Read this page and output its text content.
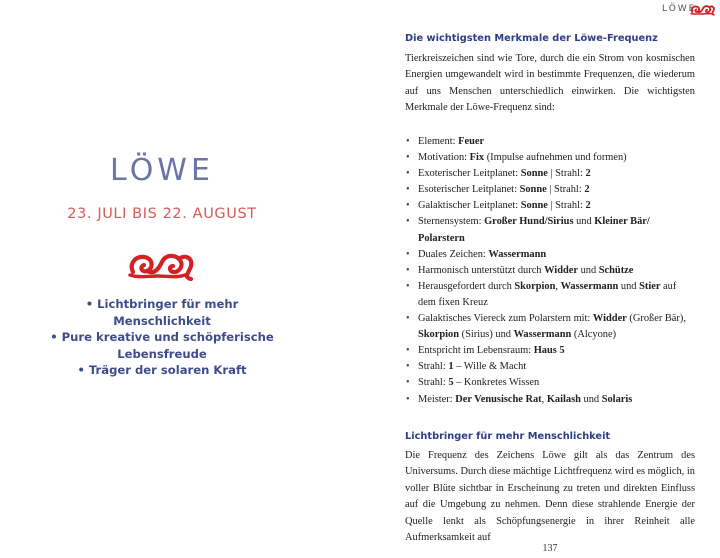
LÖWE
23. JULI BIS 22. AUGUST
• Lichtbringer für mehr Menschlichkeit
• Pure kreative und schöpferische Lebensfreude
• Träger der solaren Kraft
LÖWE
Die wichtigsten Merkmale der Löwe-Frequenz
Tierkreiszeichen sind wie Tore, durch die ein Strom von kosmischen Energien umgewandelt wird in bestimmte Frequenzen, die wiederum auf uns Menschen unterschiedlich einwirken. Die wichtigsten Merkmale der Löwe-Frequenz sind:
• Element: Feuer
• Motivation: Fix (Impulse aufnehmen und formen)
• Exoterischer Leitplanet: Sonne | Strahl: 2
• Esoterischer Leitplanet: Sonne | Strahl: 2
• Galaktischer Leitplanet: Sonne | Strahl: 2
• Sternensystem: Großer Hund/Sirius und Kleiner Bär/ Polarstern
• Duales Zeichen: Wassermann
• Harmonisch unterstützt durch Widder und Schütze
• Herausgefordert durch Skorpion, Wassermann und Stier auf dem fixen Kreuz
• Galaktisches Viereck zum Polarstern mit: Widder (Großer Bär), Skorpion (Sirius) und Wassermann (Alcyone)
• Entspricht im Lebensraum: Haus 5
• Strahl: 1 – Wille & Macht
• Strahl: 5 – Konkretes Wissen
• Meister: Der Venusische Rat, Kailash und Solaris
Lichtbringer für mehr Menschlichkeit
Die Frequenz des Zeichens Löwe gilt als das Zentrum des Universums. Durch diese mächtige Lichtfrequenz wird es möglich, in voller Blüte sichtbar in Erscheinung zu treten und direkten Einfluss auf die Umgebung zu nehmen. Denn diese strahlende Energie der Quelle lenkt als Schöpfungsenergie in ihrer Reinheit alle Aufmerksamkeit auf
137
